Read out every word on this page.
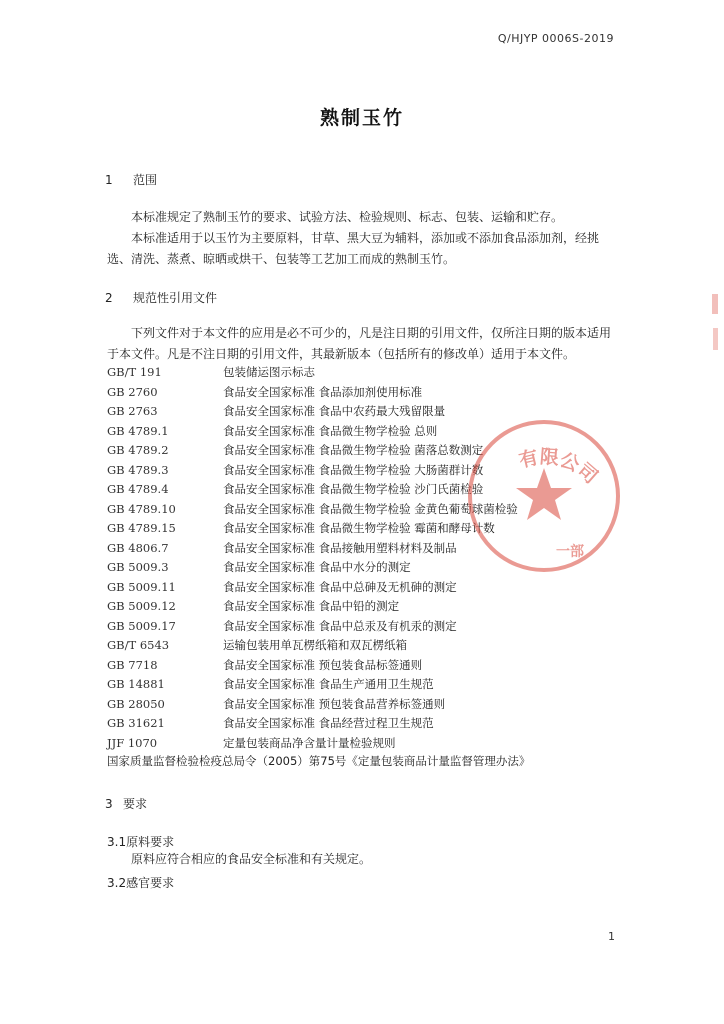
Q/HJYP 0006S-2019
熟制玉竹
1 范围
本标准规定了熟制玉竹的要求、试验方法、检验规则、标志、包装、运输和贮存。
本标准适用于以玉竹为主要原料，甘草、黑大豆为辅料，添加或不添加食品添加剂，经挑选、清洗、蒸煮、晾晒或烘干、包装等工艺加工而成的熟制玉竹。
2 规范性引用文件
下列文件对于本文件的应用是必不可少的，凡是注日期的引用文件，仅所注日期的版本适用于本文件。凡是不注日期的引用文件，其最新版本（包括所有的修改单）适用于本文件。
GB/T 191	包装储运图示标志
GB 2760	食品安全国家标准 食品添加剂使用标准
GB 2763	食品安全国家标准 食品中农药最大残留限量
GB 4789.1	食品安全国家标准 食品微生物学检验 总则
GB 4789.2	食品安全国家标准 食品微生物学检验 菌落总数测定
GB 4789.3	食品安全国家标准 食品微生物学检验 大肠菌群计数
GB 4789.4	食品安全国家标准 食品微生物学检验 沙门氏菌检验
GB 4789.10	食品安全国家标准 食品微生物学检验 金黄色葡萄球菌检验
GB 4789.15	食品安全国家标准 食品微生物学检验 霉菌和酵母计数
GB 4806.7	食品安全国家标准 食品接触用塑料材料及制品
GB 5009.3	食品安全国家标准 食品中水分的测定
GB 5009.11	食品安全国家标准 食品中总砷及无机砷的测定
GB 5009.12	食品安全国家标准 食品中铅的测定
GB 5009.17	食品安全国家标准 食品中总汞及有机汞的测定
GB/T 6543	运输包装用单瓦楞纸箱和双瓦楞纸箱
GB 7718	食品安全国家标准 预包装食品标签通则
GB 14881	食品安全国家标准 食品生产通用卫生规范
GB 28050	食品安全国家标准 预包装食品营养标签通则
GB 31621	食品安全国家标准 食品经营过程卫生规范
JJF 1070	定量包装商品净含量计量检验规则
国家质量监督检验检疫总局令（2005）第75号《定量包装商品计量监督管理办法》
3 要求
3.1原料要求
原料应符合相应的食品安全标准和有关规定。
3.2感官要求
有限公司
一部
1
